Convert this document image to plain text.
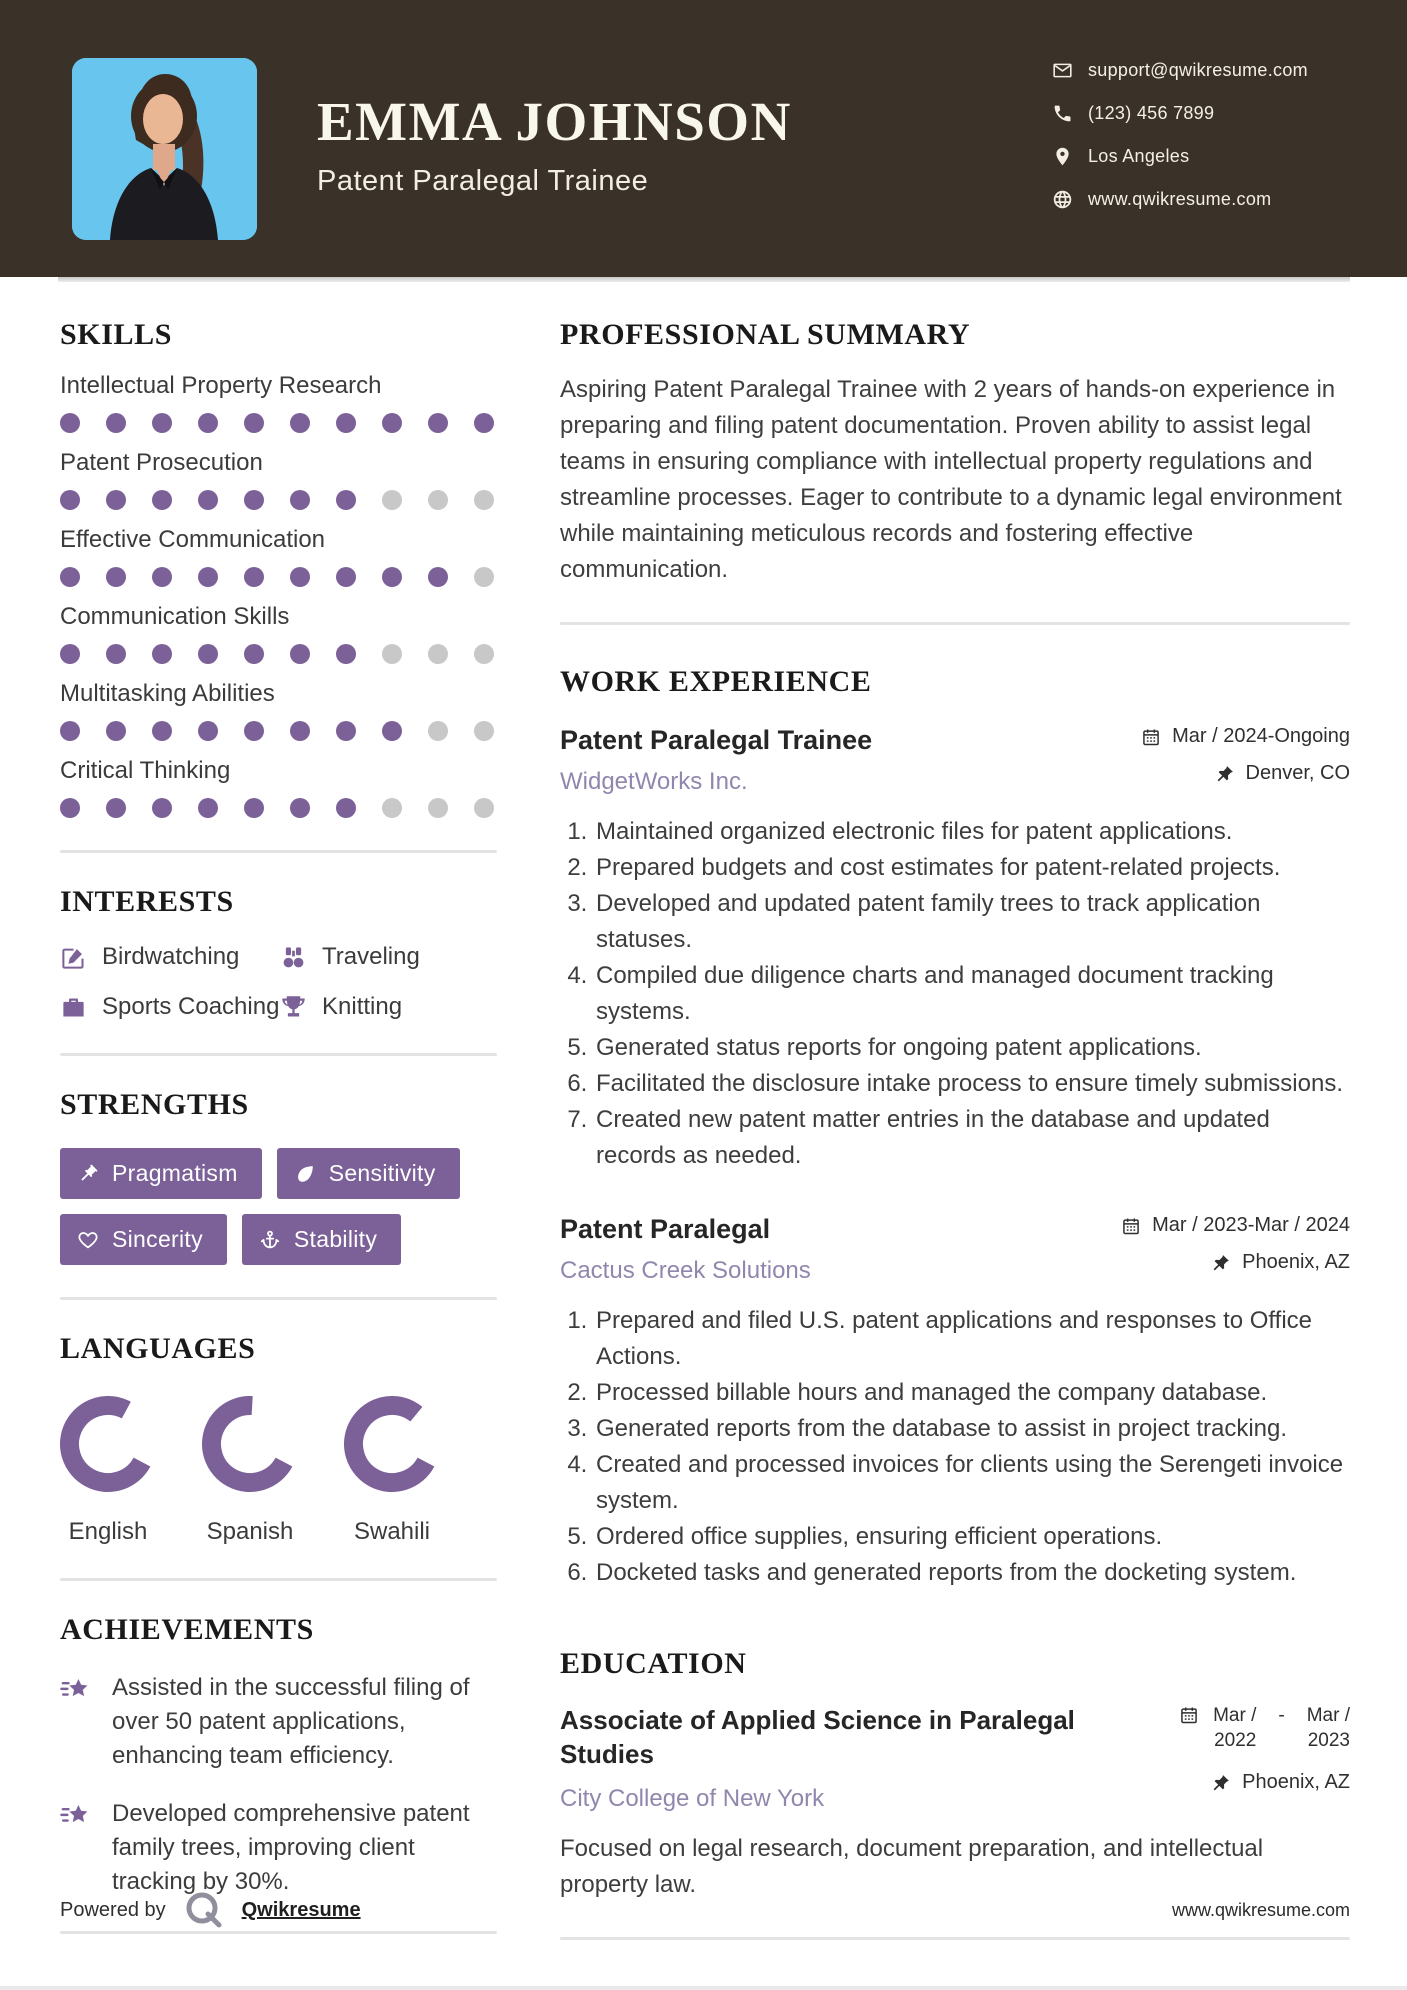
EMMA JOHNSON
Patent Paralegal Trainee
support@qwikresume.com
(123) 456 7899
Los Angeles
www.qwikresume.com
SKILLS
Intellectual Property Research
Patent Prosecution
Effective Communication
Communication Skills
Multitasking Abilities
Critical Thinking
INTERESTS
Birdwatching	Traveling
Sports Coaching Knitting
STRENGTHS
Pragmatism	Sensitivity
Sincerity	Stability
LANGUAGES
English	Spanish	Swahili
ACHIEVEMENTS
Assisted in the successful filing of over 50 patent applications, enhancing team efficiency.
Developed comprehensive patent family trees, improving client tracking by 30%.
PROFESSIONAL SUMMARY

Aspiring Patent Paralegal Trainee with 2 years of hands-on experience in preparing and filing patent documentation. Proven ability to assist legal teams in ensuring compliance with intellectual property regulations and streamline processes. Eager to contribute to a dynamic legal environment while maintaining meticulous records and fostering effective communication.

WORK EXPERIENCE
Patent Paralegal Trainee
WidgetWorks Inc.
Mar / 2024-Ongoing
Denver, CO
1. Maintained organized electronic files for patent applications.
2. Prepared budgets and cost estimates for patent-related projects.
3. Developed and updated patent family trees to track application statuses.
4. Compiled due diligence charts and managed document tracking systems.
5. Generated status reports for ongoing patent applications.
6. Facilitated the disclosure intake process to ensure timely submissions.
7. Created new patent matter entries in the database and updated records as needed.
Patent Paralegal
Cactus Creek Solutions
Mar / 2023-Mar / 2024
Phoenix, AZ
1. Prepared and filed U.S. patent applications and responses to Office Actions.
2. Processed billable hours and managed the company database.
3. Generated reports from the database to assist in project tracking.
4. Created and processed invoices for clients using the Serengeti invoice system.
5. Ordered office supplies, ensuring efficient operations.
6. Docketed tasks and generated reports from the docketing system.
EDUCATION
Associate of Applied Science in Paralegal Studies
City College of New York
Mar /
2022
- Mar /
2023
Phoenix, AZ

Focused on legal research, document preparation, and intellectual property law.

Powered by	Qwikresume	www.qwikresume.com
